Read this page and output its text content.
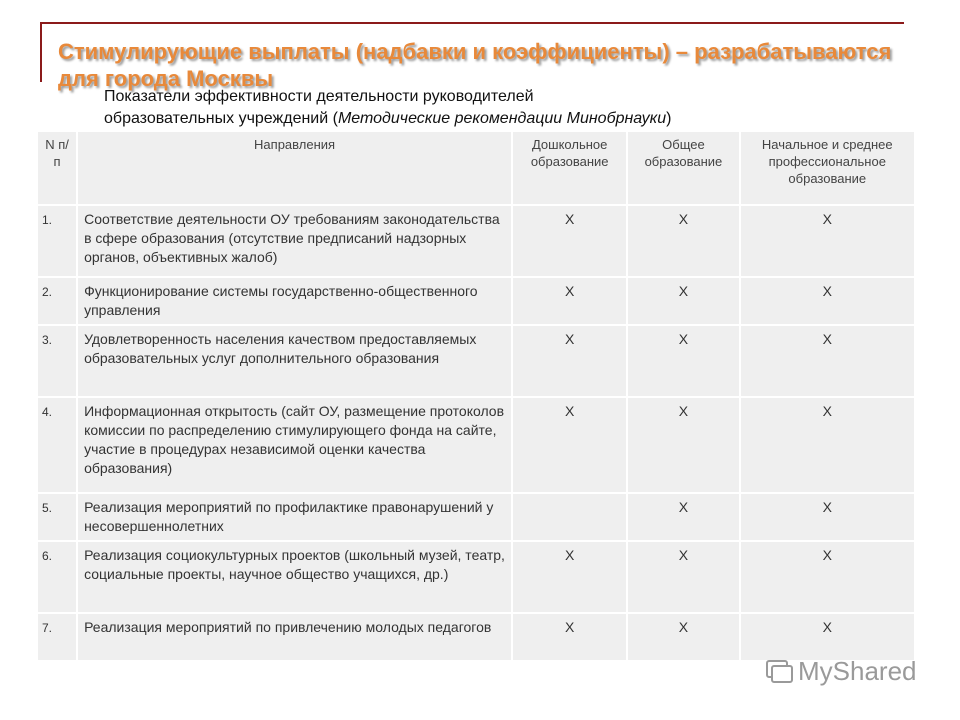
Стимулирующие выплаты (надбавки и коэффициенты) – разрабатываются для города Москвы
Показатели эффективности деятельности руководителей
образовательных учреждений (Методические рекомендации Минобрнауки)
N п/п	Направления	Дошкольное образование	Общее образование	Начальное и среднее профессиональное образование
1.	Соответствие деятельности ОУ требованиям законодательства в сфере образования (отсутствие предписаний надзорных органов, объективных жалоб)	Х	Х	Х
2.	Функционирование системы государственно-общественного управления	Х	Х	Х
3.	Удовлетворенность населения качеством предоставляемых образовательных услуг дополнительного образования	Х	Х	Х
4.	Информационная открытость (сайт ОУ, размещение протоколов комиссии по распределению стимулирующего фонда на сайте, участие в процедурах независимой оценки качества образования)	Х	Х	Х
5.	Реализация мероприятий по профилактике правонарушений у несовершеннолетних		Х	Х
6.	Реализация социокультурных проектов (школьный музей, театр, социальные проекты, научное общество учащихся, др.)	Х	Х	Х
7.	Реализация мероприятий по привлечению молодых педагогов	Х	Х	Х
MyShared
